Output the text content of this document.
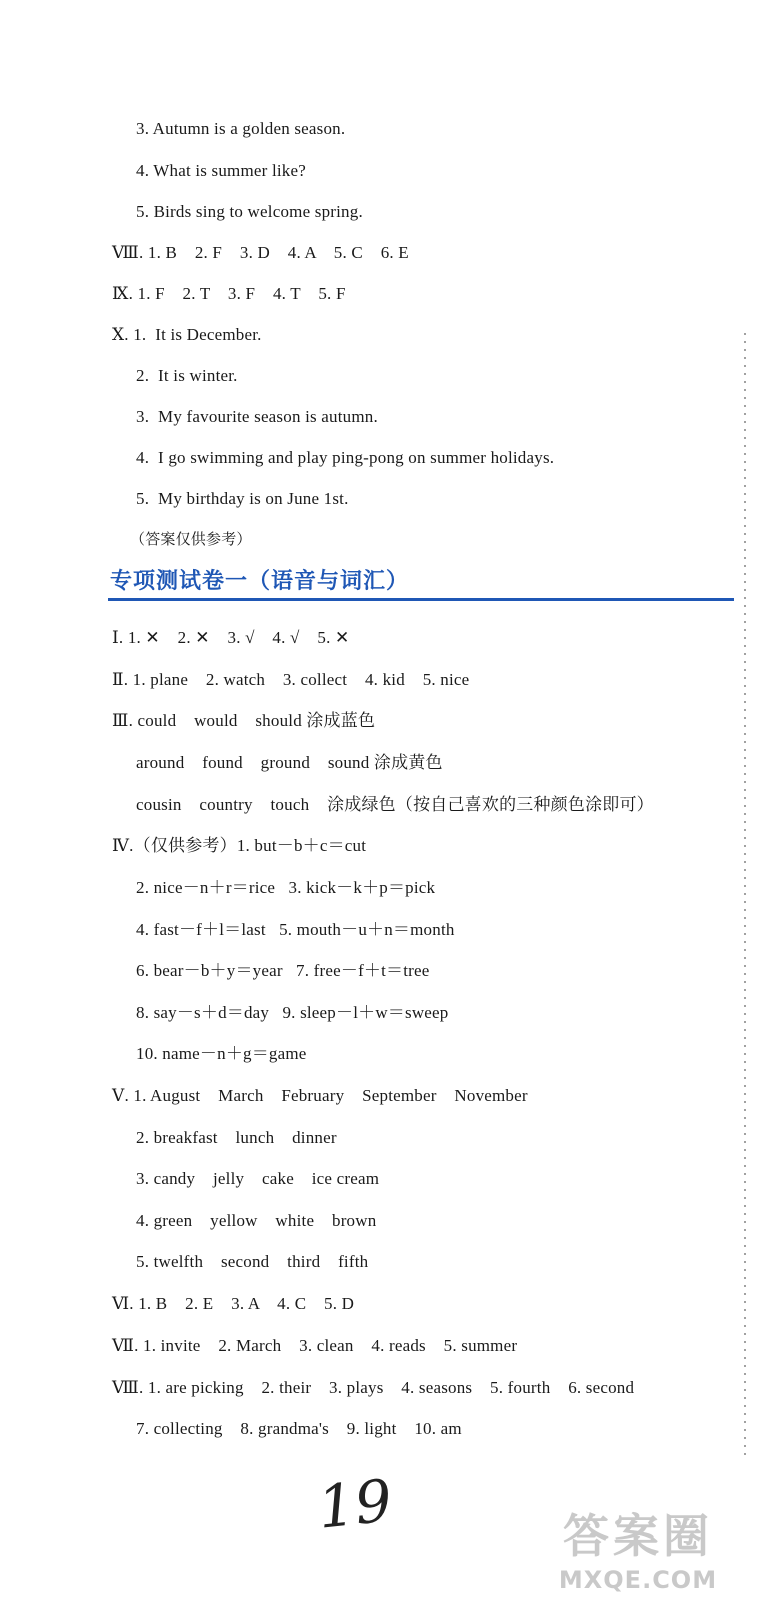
3. Autumn is a golden season.
4. What is summer like?
5. Birds sing to welcome spring.
Ⅷ. 1. B    2. F    3. D    4. A    5. C    6. E
Ⅸ. 1. F    2. T    3. F    4. T    5. F
Ⅹ. 1.  It is December.
2.  It is winter.
3.  My favourite season is autumn.
4.  I go swimming and play ping-pong on summer holidays.
5.  My birthday is on June 1st.
（答案仅供参考）
专项测试卷一（语音与词汇）
Ⅰ. 1. ✕    2. ✕    3. √    4. √    5. ✕
Ⅱ. 1. plane    2. watch    3. collect    4. kid    5. nice
Ⅲ. could    would    should 涂成蓝色
around    found    ground    sound 涂成黄色
cousin    country    touch    涂成绿色（按自己喜欢的三种颜色涂即可）
Ⅳ.（仅供参考）1. but－b＋c＝cut
2. nice－n＋r＝rice   3. kick－k＋p＝pick
4. fast－f＋l＝last   5. mouth－u＋n＝month
6. bear－b＋y＝year   7. free－f＋t＝tree
8. say－s＋d＝day   9. sleep－l＋w＝sweep
10. name－n＋g＝game
Ⅴ. 1. August    March    February    September    November
2. breakfast    lunch    dinner
3. candy    jelly    cake    ice cream
4. green    yellow    white    brown
5. twelfth    second    third    fifth
Ⅵ. 1. B    2. E    3. A    4. C    5. D
Ⅶ. 1. invite    2. March    3. clean    4. reads    5. summer
Ⅷ. 1. are picking    2. their    3. plays    4. seasons    5. fourth    6. second
7. collecting    8. grandma's    9. light    10. am
19	答案圈
MXQE.COM
